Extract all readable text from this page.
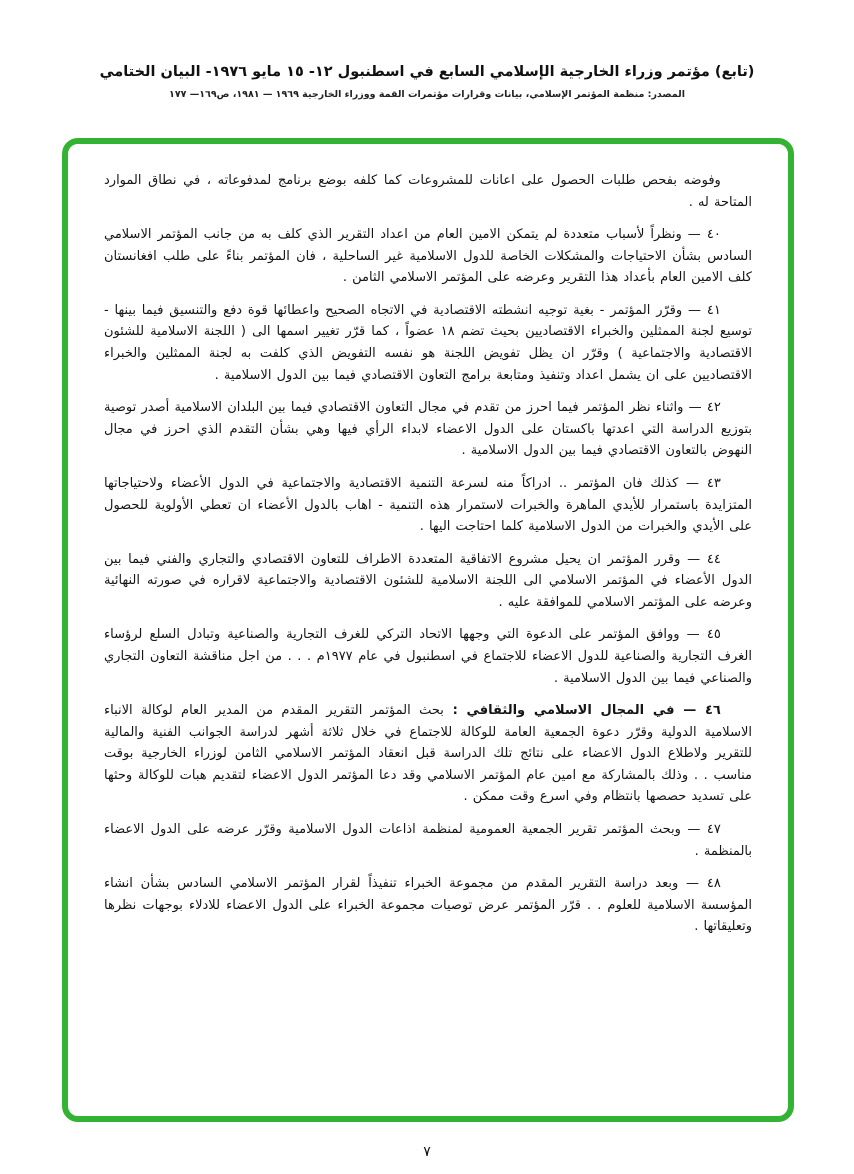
(تابع) مؤتمر وزراء الخارجية الإسلامي السابع في اسطنبول ١٢- ١٥ مايو ١٩٧٦- البيان الختامي
المصدر: منظمة المؤتمر الإسلامي، بيانات وقرارات مؤتمرات القمة ووزراء الخارجية ١٩٦٩ — ١٩٨١، ص١٦٩— ١٧٧

وفوضه بفحص طلبات الحصول على اعانات للمشروعات كما كلفه بوضع برنامج لمدفوعاته ، في نطاق الموارد المتاحة له .

٤٠ — ونظراً لأسباب متعددة لم يتمكن الامين العام من اعداد التقرير الذي كلف به من جانب المؤتمر الاسلامي السادس بشأن الاحتياجات والمشكلات الخاصة للدول الاسلامية غير الساحلية ، فان المؤتمر بناءً على طلب افغانستان كلف الامين العام بأعداد هذا التقرير وعرضه على المؤتمر الاسلامي الثامن .

٤١ — وقرّر المؤتمر - بغية توجيه انشطته الاقتصادية في الاتجاه الصحيح واعطائها قوة دفع والتنسيق فيما بينها - توسيع لجنة الممثلين والخبراء الاقتصاديين بحيث تضم ١٨ عضواً ، كما قرّر تغيير اسمها الى ( اللجنة الاسلامية للشئون الاقتصادية والاجتماعية ) وقرّر ان يظل تفويض اللجنة هو نفسه التفويض الذي كلفت به لجنة الممثلين والخبراء الاقتصاديين على ان يشمل اعداد وتنفيذ ومتابعة برامج التعاون الاقتصادي فيما بين الدول الاسلامية .

٤٢ — واثناء نظر المؤتمر فيما احرز من تقدم في مجال التعاون الاقتصادي فيما بين البلدان الاسلامية أصدر توصية بتوزيع الدراسة التي اعدتها باكستان على الدول الاعضاء لابداء الرأي فيها وهي بشأن التقدم الذي احرز في مجال النهوض بالتعاون الاقتصادي فيما بين الدول الاسلامية .

٤٣ — كذلك فان المؤتمر .. ادراكاً منه لسرعة التنمية الاقتصادية والاجتماعية في الدول الأعضاء ولاحتياجاتها المتزايدة باستمرار للأيدي الماهرة والخبرات لاستمرار هذه التنمية - اهاب بالدول الأعضاء ان تعطي الأولوية للحصول على الأيدي والخبرات من الدول الاسلامية كلما احتاجت اليها .

٤٤ — وقرر المؤتمر ان يحيل مشروع الاتفاقية المتعددة الاطراف للتعاون الاقتصادي والتجاري والفني فيما بين الدول الأعضاء في المؤتمر الاسلامي الى اللجنة الاسلامية للشئون الاقتصادية والاجتماعية لاقراره في صورته النهائية وعرضه على المؤتمر الاسلامي للموافقة عليه .

٤٥ — ووافق المؤتمر على الدعوة التي وجهها الاتحاد التركي للغرف التجارية والصناعية وتبادل السلع لرؤساء الغرف التجارية والصناعية للدول الاعضاء للاجتماع في اسطنبول في عام ١٩٧٧م . . . من اجل مناقشة التعاون التجاري والصناعي فيما بين الدول الاسلامية .

٤٦ — في المجال الاسلامي والثقافي : بحث المؤتمر التقرير المقدم من المدير العام لوكالة الانباء الاسلامية الدولية وقرّر دعوة الجمعية العامة للوكالة للاجتماع في خلال ثلاثة أشهر لدراسة الجوانب الفنية والمالية للتقرير ولاطلاع الدول الاعضاء على نتائج تلك الدراسة قبل انعقاد المؤتمر الاسلامي الثامن لوزراء الخارجية بوقت مناسب . . وذلك بالمشاركة مع امين عام المؤتمر الاسلامي وقد دعا المؤتمر الدول الاعضاء لتقديم هبات للوكالة وحثها على تسديد حصصها بانتظام وفي اسرع وقت ممكن .

٤٧ — وبحث المؤتمر تقرير الجمعية العمومية لمنظمة اذاعات الدول الاسلامية وقرّر عرضه على الدول الاعضاء بالمنظمة .

٤٨ — وبعد دراسة التقرير المقدم من مجموعة الخبراء تنفيذاً لقرار المؤتمر الاسلامي السادس بشأن انشاء المؤسسة الاسلامية للعلوم . . قرّر المؤتمر عرض توصيات مجموعة الخبراء على الدول الاعضاء للادلاء بوجهات نظرها وتعليقاتها .

٧
